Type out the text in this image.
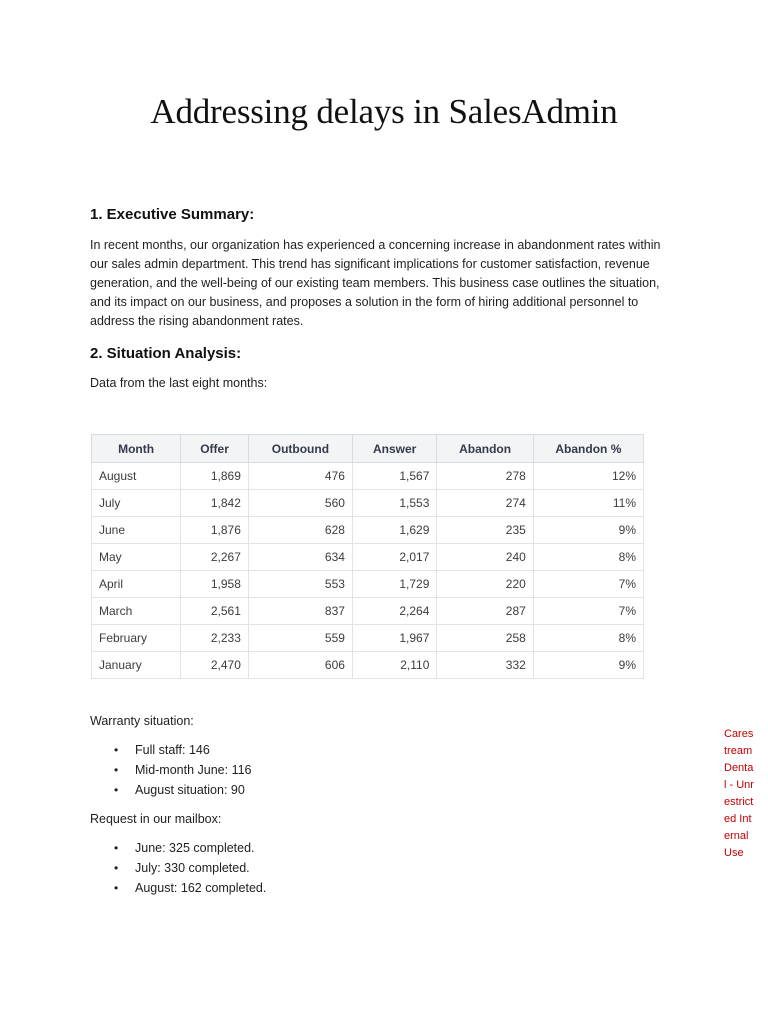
Addressing delays in SalesAdmin
1. Executive Summary:
In recent months, our organization has experienced a concerning increase in abandonment rates within
our sales admin department. This trend has significant implications for customer satisfaction, revenue
generation, and the well-being of our existing team members. This business case outlines the situation,
and its impact on our business, and proposes a solution in the form of hiring additional personnel to
address the rising abandonment rates.
2. Situation Analysis:
Data from the last eight months:
Month	Offer	Outbound	Answer	Abandon	Abandon %
August	1,869	476	1,567	278	12%
July	1,842	560	1,553	274	11%
June	1,876	628	1,629	235	9%
May	2,267	634	2,017	240	8%
April	1,958	553	1,729	220	7%
March	2,561	837	2,264	287	7%
February	2,233	559	1,967	258	8%
January	2,470	606	2,110	332	9%
Warranty situation:
• Full staff: 146
• Mid-month June: 116
• August situation: 90
Request in our mailbox:
• June: 325 completed.
• July: 330 completed.
• August: 162 completed.
Carestream Dental - Unrestricted Internal Use
